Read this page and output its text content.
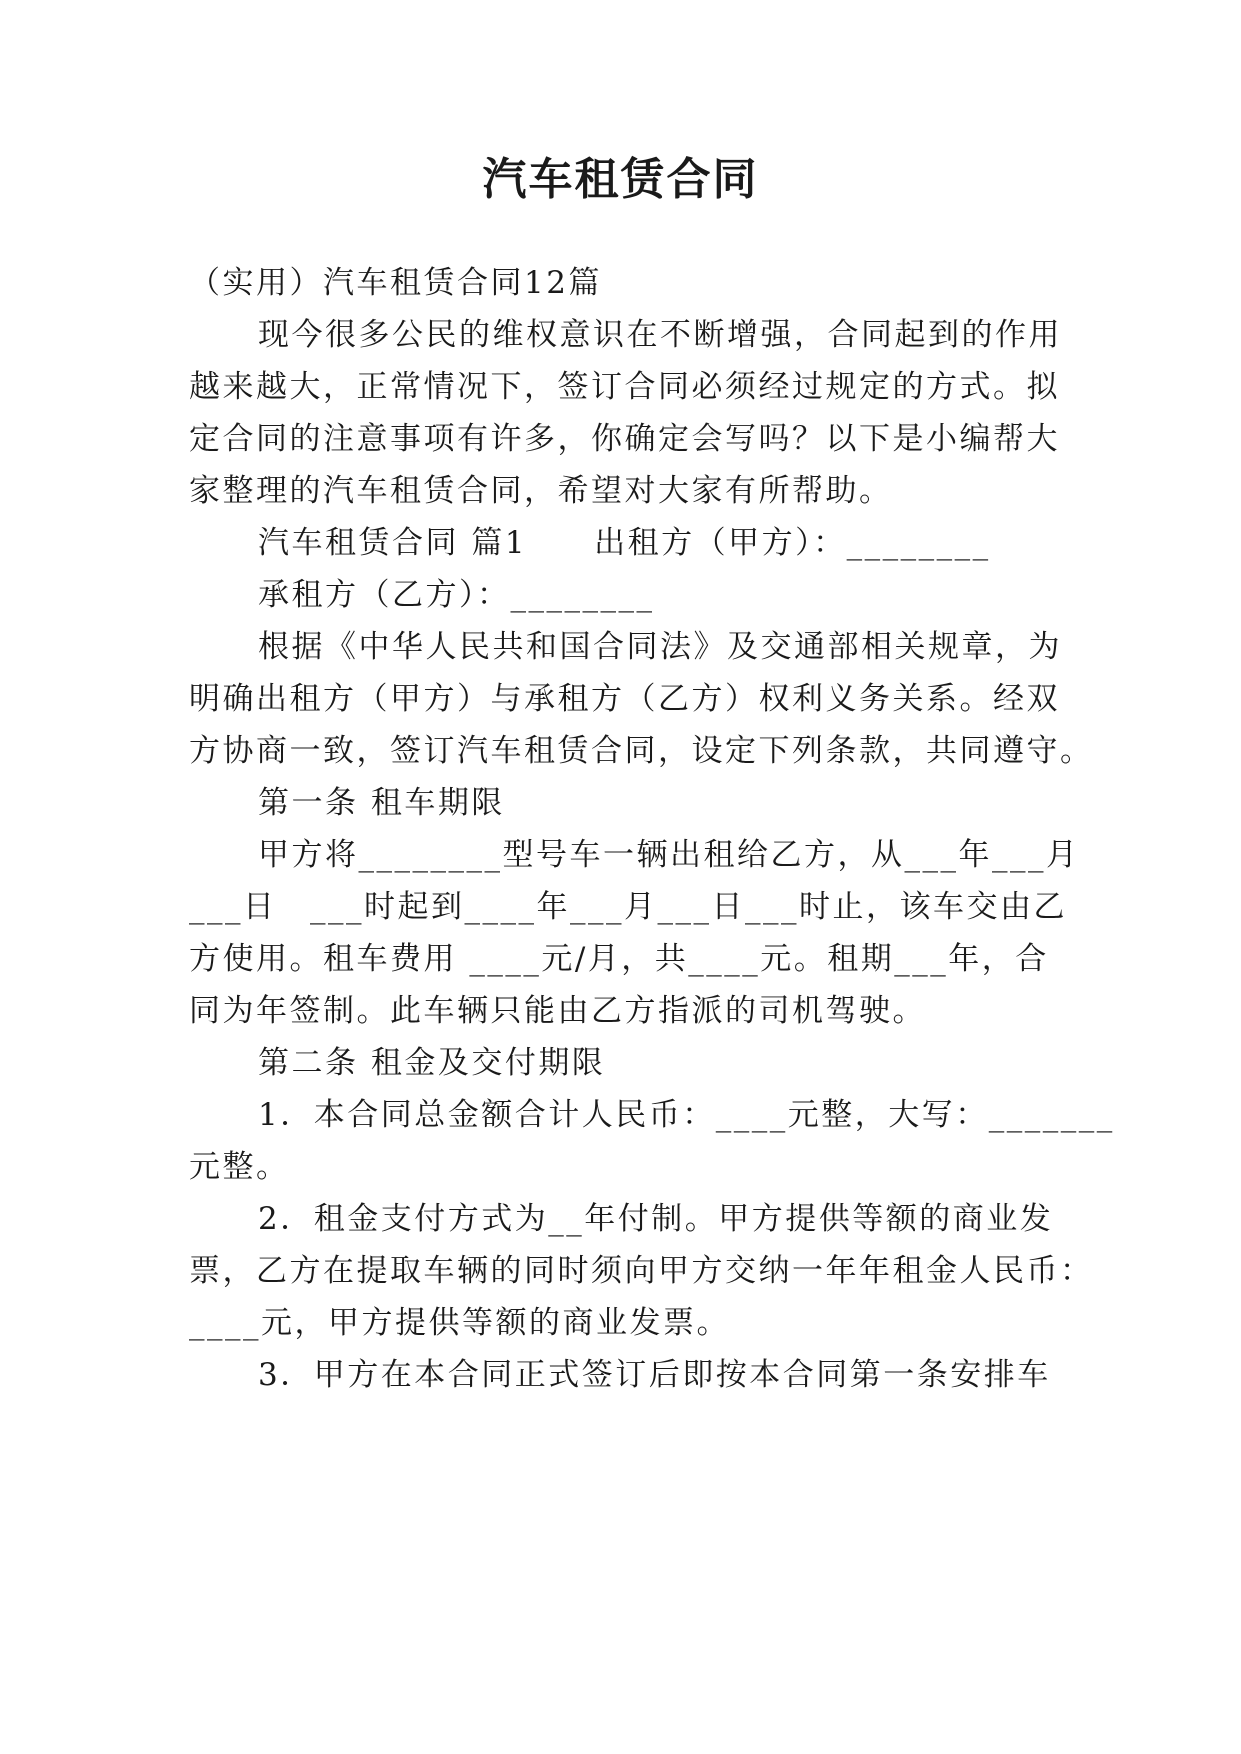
汽车租赁合同
（实用）汽车租赁合同12篇
现今很多公民的维权意识在不断增强，合同起到的作用
越来越大，正常情况下，签订合同必须经过规定的方式。拟
定合同的注意事项有许多，你确定会写吗？以下是小编帮大
家整理的汽车租赁合同，希望对大家有所帮助。
汽车租赁合同 篇1　　出租方（甲方）：________
承租方（乙方）：________
根据《中华人民共和国合同法》及交通部相关规章，为
明确出租方（甲方）与承租方（乙方）权利义务关系。经双
方协商一致，签订汽车租赁合同，设定下列条款，共同遵守。
第一条 租车期限
甲方将________型号车一辆出租给乙方，从___年___月
___日　___时起到____年___月___日___时止，该车交由乙
方使用。租车费用 ____元/月，共____元。租期___年，合
同为年签制。此车辆只能由乙方指派的司机驾驶。
第二条 租金及交付期限
1．本合同总金额合计人民币：____元整，大写：_______
元整。
2．租金支付方式为__年付制。甲方提供等额的商业发
票，乙方在提取车辆的同时须向甲方交纳一年年租金人民币：
____元，甲方提供等额的商业发票。
3．甲方在本合同正式签订后即按本合同第一条安排车
